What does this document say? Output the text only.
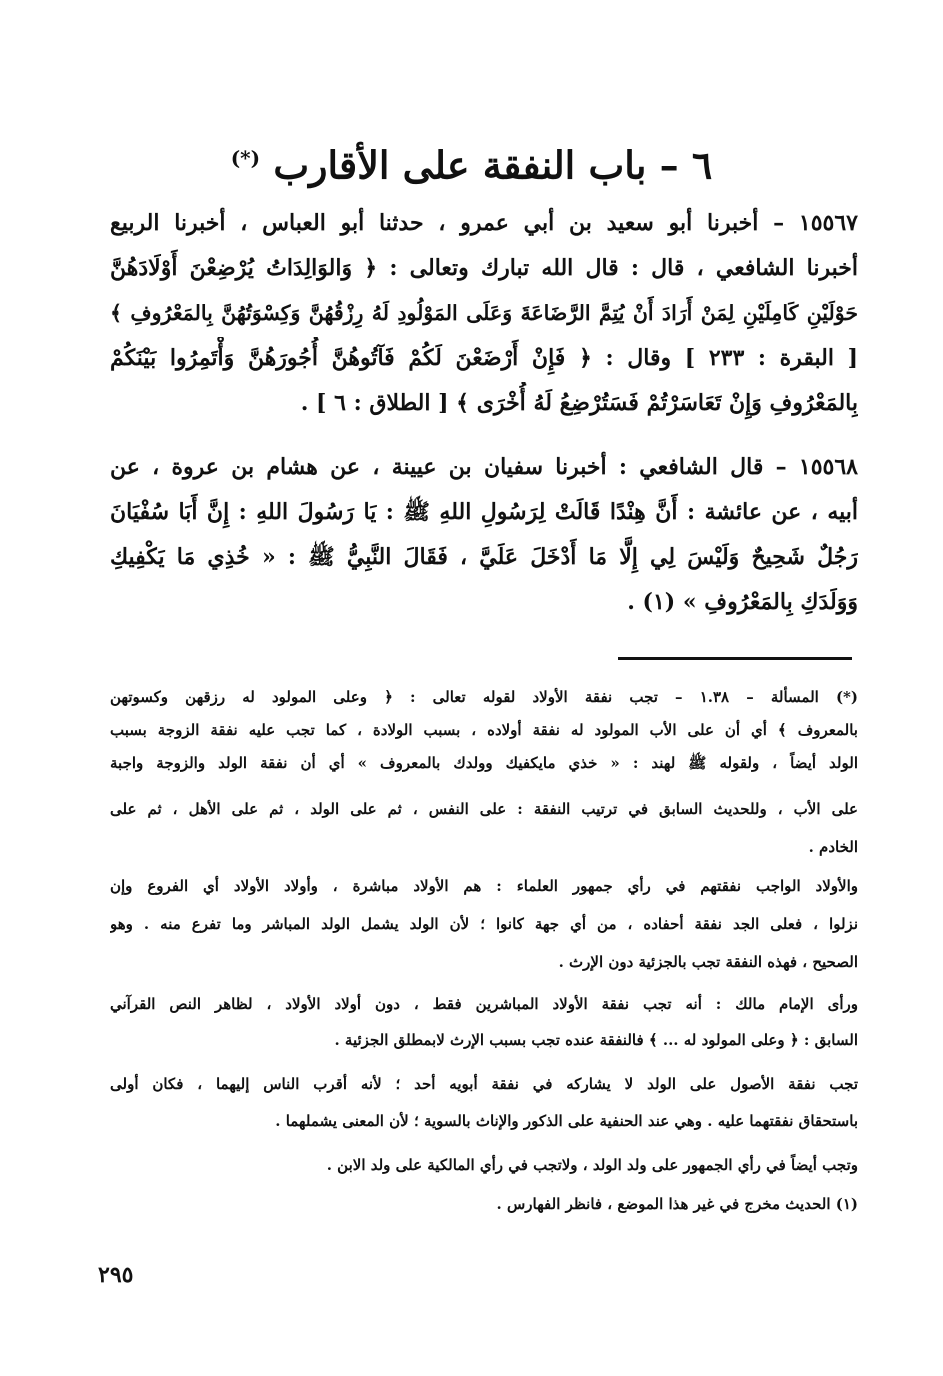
٦ – باب النفقة على الأقارب (*)
١٥٥٦٧ – أخبرنا أبو سعيد بن أبي عمرو ، حدثنا أبو العباس ، أخبرنا الربيع
أخبرنا الشافعي ، قال : قال الله تبارك وتعالى : ﴿ وَالوَالِدَاتُ يُرْضِعْنَ أَوْلَادَهُنَّ
حَوْلَيْنِ كَامِلَيْنِ لِمَنْ أَرَادَ أَنْ يُتِمَّ الرَّضَاعَةَ وَعَلَى المَوْلُودِ لَهُ رِزْقُهُنَّ وَكِسْوَتُهُنَّ بِالمَعْرُوفِ ﴾
[ البقرة : ٢٣٣ ] وقال : ﴿ فَإِنْ أَرْضَعْنَ لَكُمْ فَآتُوهُنَّ أُجُورَهُنَّ وَأْتَمِرُوا بَيْنَكُمْ
بِالمَعْرُوفِ وَإِنْ تَعَاسَرْتُمْ فَسَتُرْضِعُ لَهُ أُخْرَى ﴾ [ الطلاق : ٦ ] .
١٥٥٦٨ – قال الشافعي : أخبرنا سفيان بن عيينة ، عن هشام بن عروة ، عن
أبيه ، عن عائشة : أَنَّ هِنْدًا قَالَتْ لِرَسُولِ اللهِ ﷺ : يَا رَسُولَ اللهِ : إِنَّ أَبَا سُفْيَانَ
رَجُلٌ شَحِيحٌ وَلَيْسَ لِي إِلَّا مَا أَدْخَلَ عَلَيَّ ، فَقَالَ النَّبِيُّ ﷺ : « خُذِي مَا يَكْفِيكِ
وَوَلَدَكِ بِالمَعْرُوفِ » (١) .
(*) المسألة – ١.٣٨ – تجب نفقة الأولاد لقوله تعالى : ﴿ وعلى المولود له رزقهن وكسوتهن
بالمعروف ﴾ أي أن على الأب المولود له نفقة أولاده ، بسبب الولادة ، كما تجب عليه نفقة الزوجة بسبب
الولد أيضاً ، ولقوله ﷺ لهند : « خذي مايكفيك وولدك بالمعروف » أي أن نفقة الولد والزوجة واجبة
على الأب ، وللحديث السابق في ترتيب النفقة : على النفس ، ثم على الولد ، ثم على الأهل ، ثم على
الخادم .
والأولاد الواجب نفقتهم في رأي جمهور العلماء : هم الأولاد مباشرة ، وأولاد الأولاد أي الفروع وإن
نزلوا ، فعلى الجد نفقة أحفاده ، من أي جهة كانوا ؛ لأن الولد يشمل الولد المباشر وما تفرع منه . وهو
الصحيح ، فهذه النفقة تجب بالجزئية دون الإرث .
ورأى الإمام مالك : أنه تجب نفقة الأولاد المباشرين فقط ، دون أولاد الأولاد ، لظاهر النص القرآني
السابق : ﴿ وعلى المولود له ... ﴾ فالنفقة عنده تجب بسبب الإرث لابمطلق الجزئية .
تجب نفقة الأصول على الولد لا يشاركه في نفقة أبويه أحد ؛ لأنه أقرب الناس إليهما ، فكان أولى
باستحقاق نفقتهما عليه . وهي عند الحنفية على الذكور والإناث بالسوية ؛ لأن المعنى يشملهما .
وتجب أيضاً في رأي الجمهور على ولد الولد ، ولاتجب في رأي المالكية على ولد الابن .
(١) الحديث مخرج في غير هذا الموضع ، فانظر الفهارس .
٢٩٥
